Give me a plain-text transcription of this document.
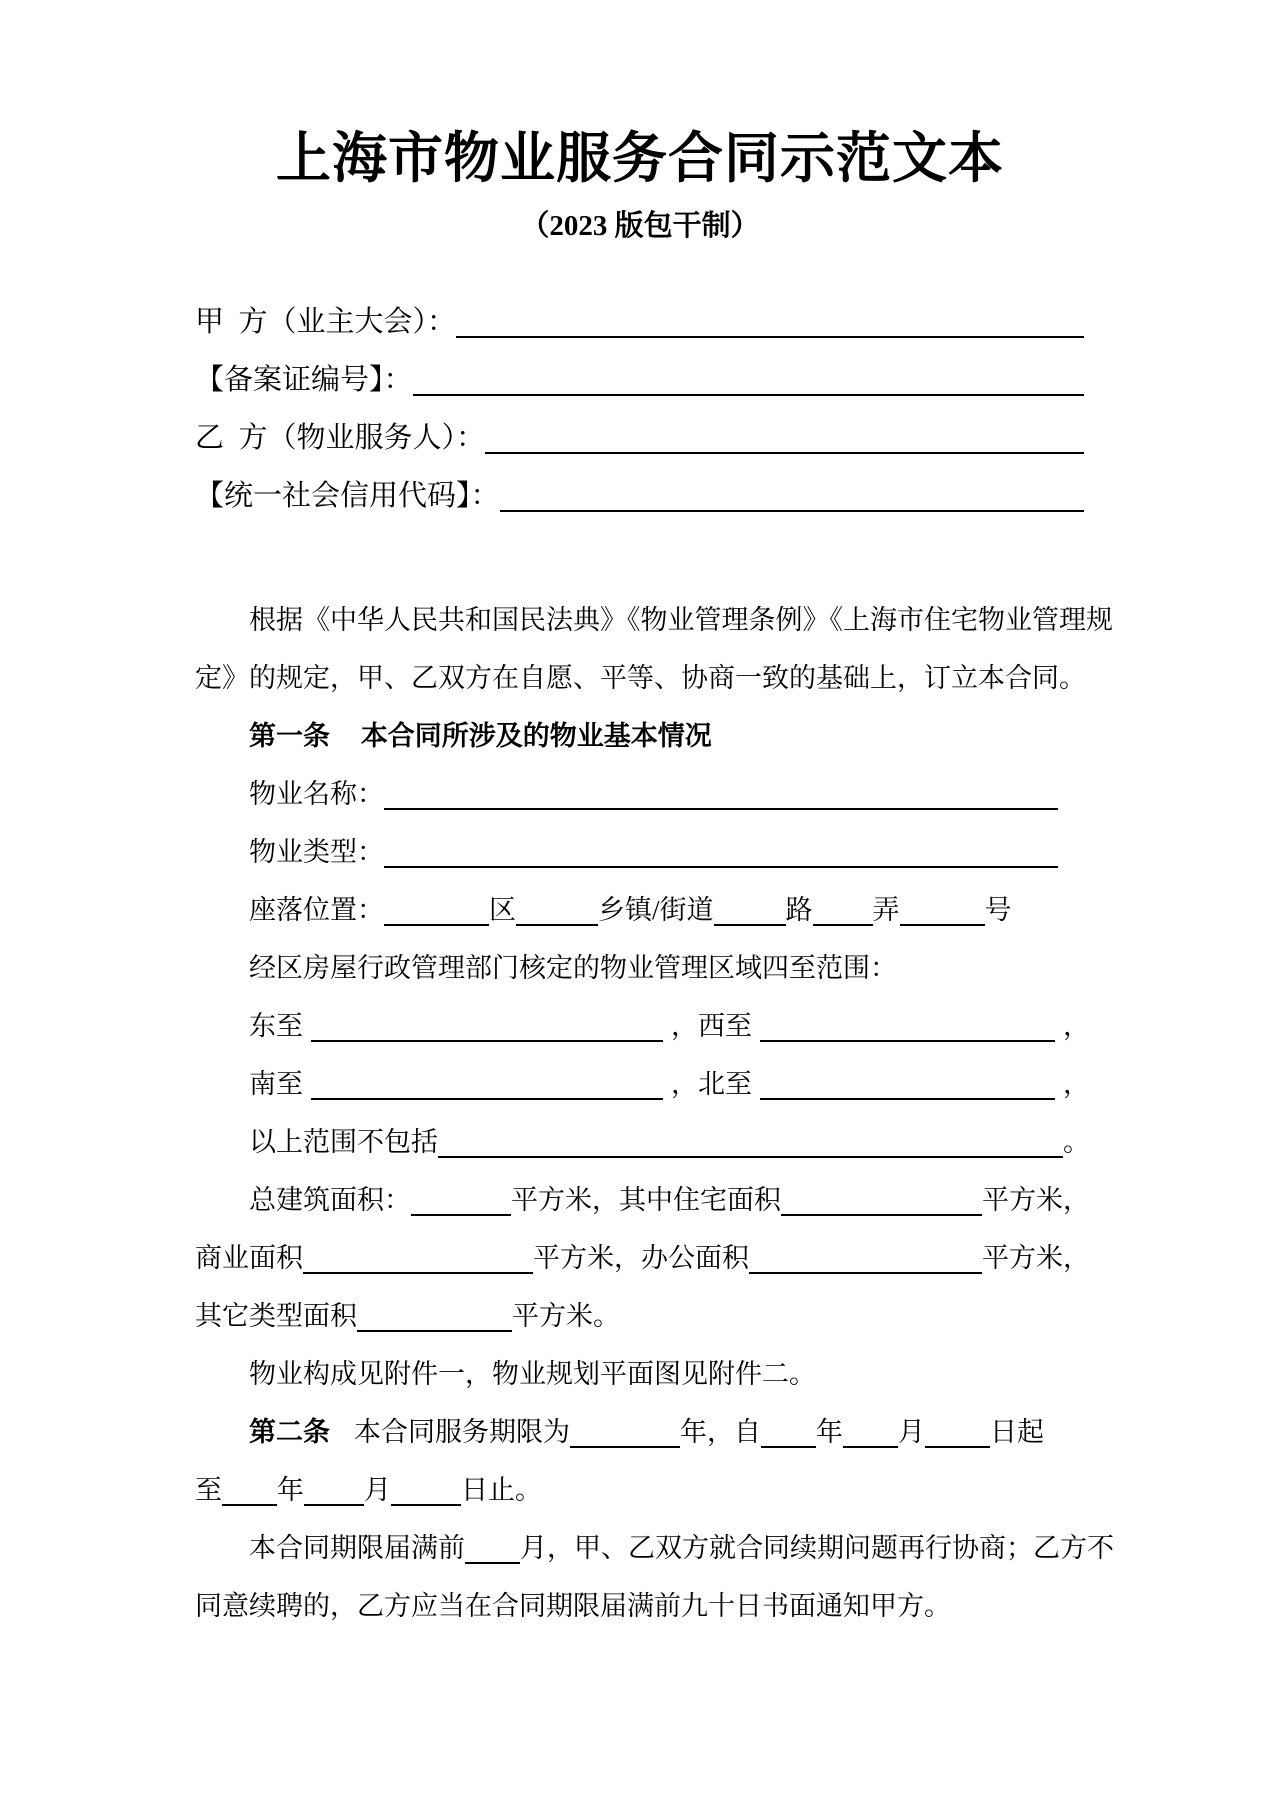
上海市物业服务合同示范文本
（2023 版包干制）
甲  方（业主大会）：
【备案证编号】：
乙  方（物业服务人）：
【统一社会信用代码】：
根据《中华人民共和国民法典》《物业管理条例》《上海市住宅物业管理规
定》的规定，甲、乙双方在自愿、平等、协商一致的基础上，订立本合同。
第一条 本合同所涉及的物业基本情况
物业名称：
物业类型：
座落位置：	区	乡镇/街道	路 弄	号
经区房屋行政管理部门核定的物业管理区域四至范围：
东至	，西至	，
南至	，北至	，
以上范围不包括	。
总建筑面积：	平方米， 其中住宅面积	平方米，
商业面积	平方米， 办公面积	平方米，
其它类型面积	平方米。
物业构成见附件一，物业规划平面图见附件二。
第二条 本合同服务期限为	年，自 年 月 日起
至 年 月	日止。
本合同期限届满前 月，甲、乙双方就合同续期问题再行协商；乙方不
同意续聘的，乙方应当在合同期限届满前九十日书面通知甲方。
